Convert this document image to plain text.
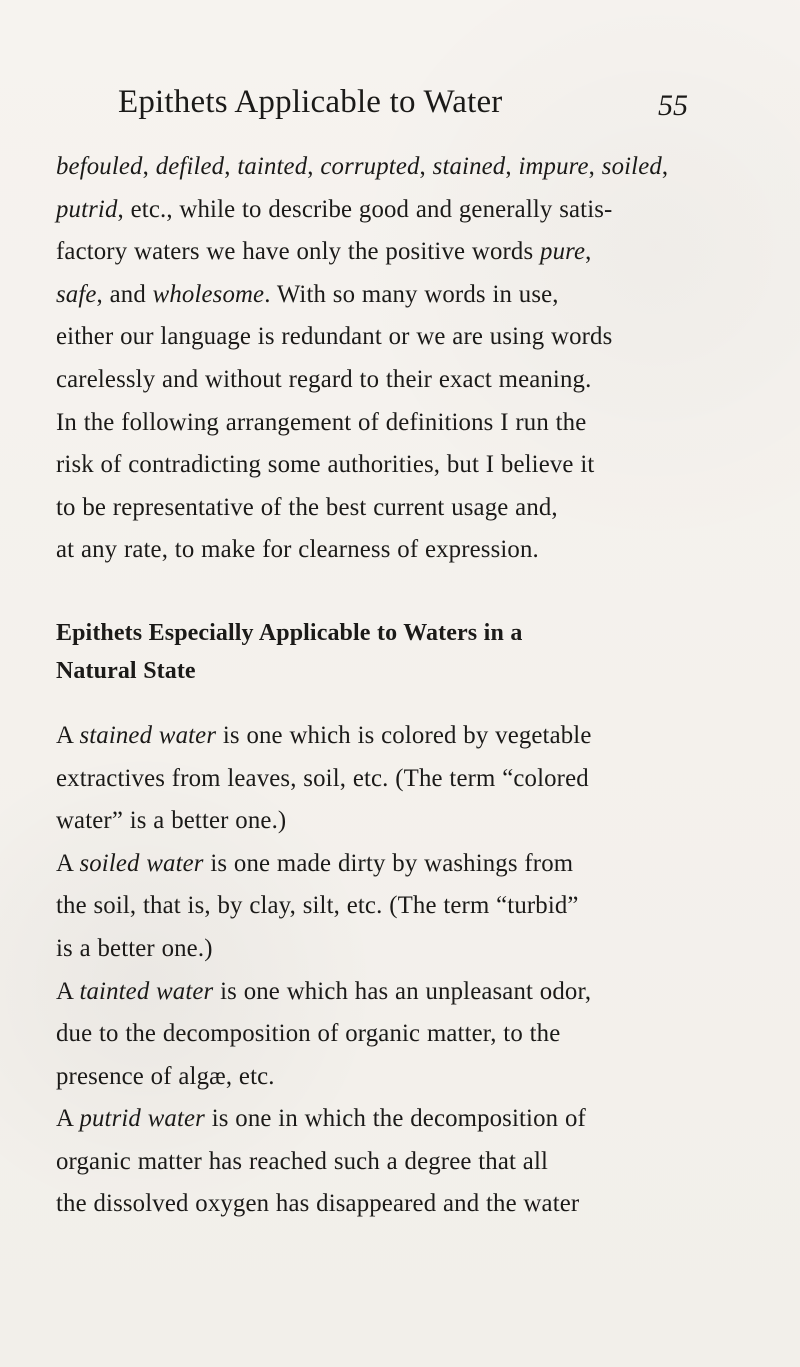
Epithets Applicable to Water	55

befouled, defiled, tainted, corrupted, stained, impure, soiled,
putrid, etc., while to describe good and generally satis-
factory waters we have only the positive words pure,
safe, and wholesome. With so many words in use,
either our language is redundant or we are using words
carelessly and without regard to their exact meaning.
In the following arrangement of definitions I run the
risk of contradicting some authorities, but I believe it
to be representative of the best current usage and,
at any rate, to make for clearness of expression.

Epithets Especially Applicable to Waters in a
Natural State

A stained water is one which is colored by vegetable
extractives from leaves, soil, etc. (The term “colored
water” is a better one.)

A soiled water is one made dirty by washings from
the soil, that is, by clay, silt, etc. (The term “turbid”
is a better one.)

A tainted water is one which has an unpleasant odor,
due to the decomposition of organic matter, to the
presence of algæ, etc.

A putrid water is one in which the decomposition of
organic matter has reached such a degree that all
the dissolved oxygen has disappeared and the water
